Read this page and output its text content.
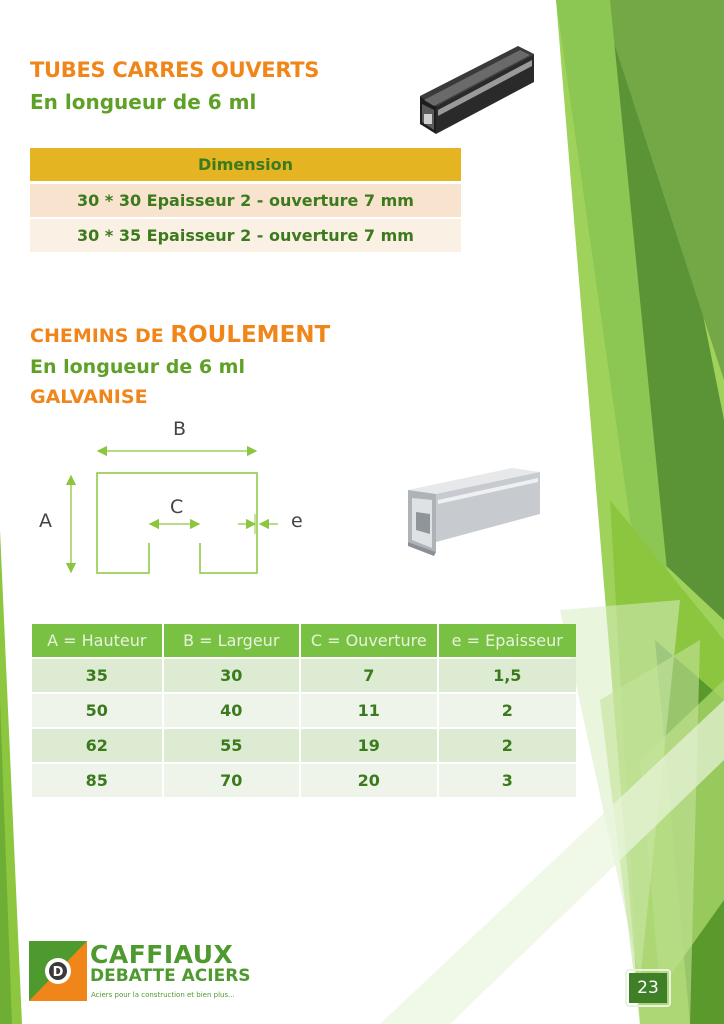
TUBES CARRES OUVERTS
En longueur de 6 ml
Dimension
30 * 30 Epaisseur 2 - ouverture 7 mm
30 * 35 Epaisseur 2 - ouverture 7 mm
CHEMINS DE ROULEMENT
En longueur de 6 ml
GALVANISE
B
A
C
e
A = Hauteur	B = Largeur	C = Ouverture	e = Epaisseur
35	30	7	1,5
50	40	11	2
62	55	19	2
85	70	20	3
D
CAFFIAUX
DEBATTE ACIERS
Aciers pour la construction et bien plus...	23
